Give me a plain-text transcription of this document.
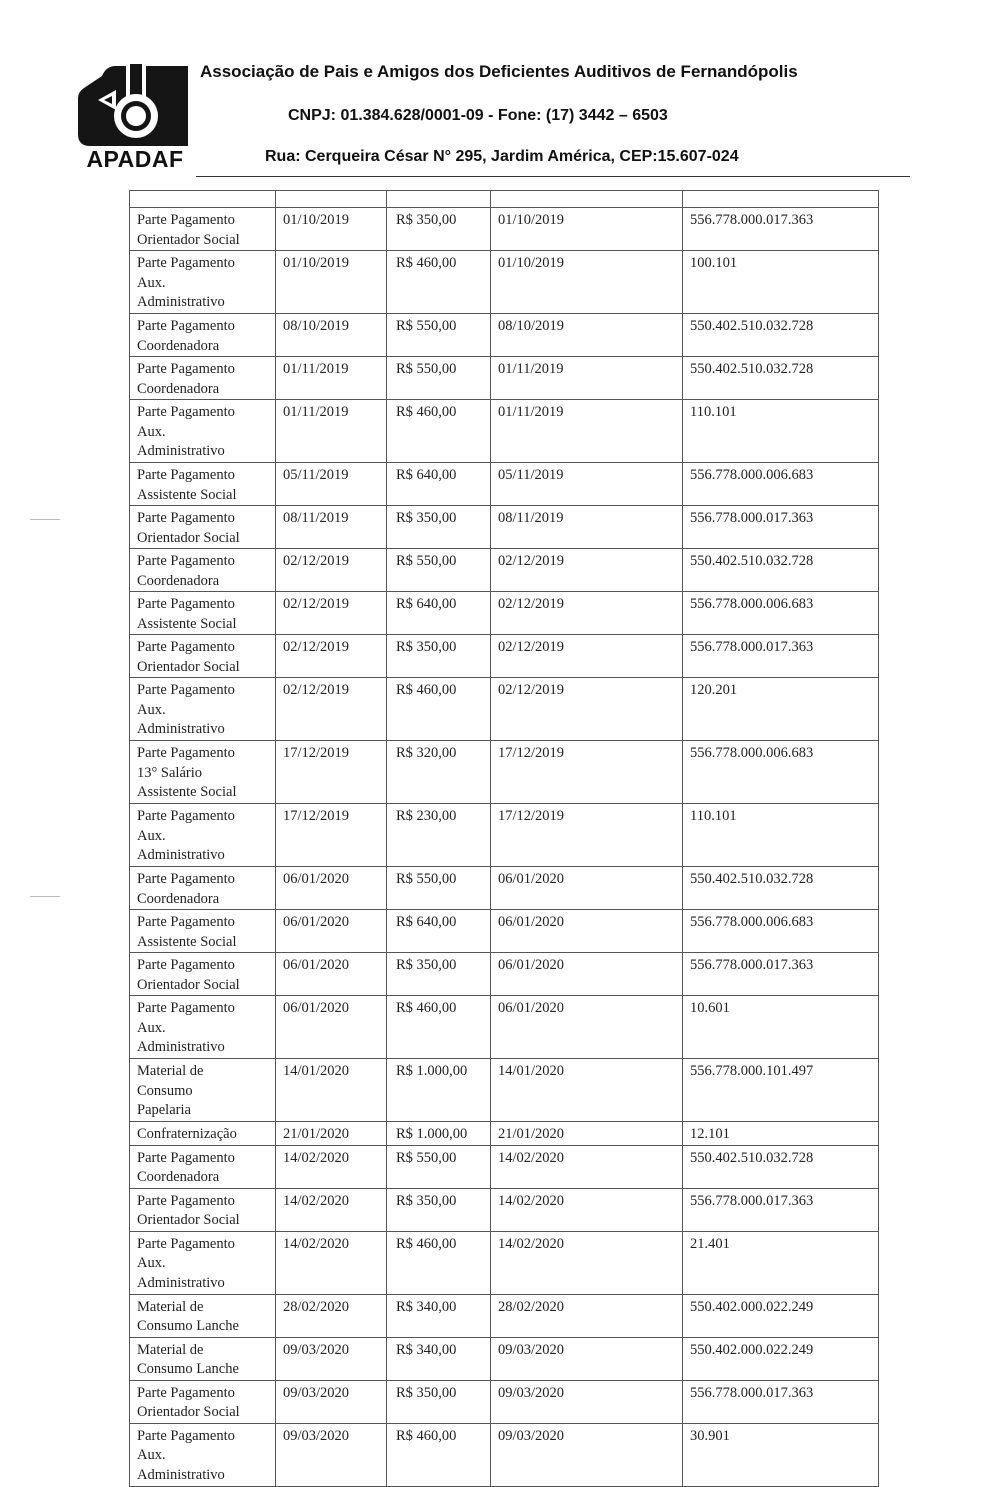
APADAF
Associação de Pais e Amigos dos Deficientes Auditivos de Fernandópolis
CNPJ: 01.384.628/0001-09 - Fone: (17) 3442 – 6503
Rua: Cerqueira César N° 295, Jardim América, CEP:15.607-024

Parte Pagamento
Orientador Social	01/10/2019	R$ 350,00	01/10/2019	556.778.000.017.363
Parte Pagamento
Aux.
Administrativo	01/10/2019	R$ 460,00	01/10/2019	100.101
Parte Pagamento
Coordenadora	08/10/2019	R$ 550,00	08/10/2019	550.402.510.032.728
Parte Pagamento
Coordenadora	01/11/2019	R$ 550,00	01/11/2019	550.402.510.032.728
Parte Pagamento
Aux.
Administrativo	01/11/2019	R$ 460,00	01/11/2019	110.101
Parte Pagamento
Assistente Social	05/11/2019	R$ 640,00	05/11/2019	556.778.000.006.683
Parte Pagamento
Orientador Social	08/11/2019	R$ 350,00	08/11/2019	556.778.000.017.363
Parte Pagamento
Coordenadora	02/12/2019	R$ 550,00	02/12/2019	550.402.510.032.728
Parte Pagamento
Assistente Social	02/12/2019	R$ 640,00	02/12/2019	556.778.000.006.683
Parte Pagamento
Orientador Social	02/12/2019	R$ 350,00	02/12/2019	556.778.000.017.363
Parte Pagamento
Aux.
Administrativo	02/12/2019	R$ 460,00	02/12/2019	120.201
Parte Pagamento
13° Salário
Assistente Social	17/12/2019	R$ 320,00	17/12/2019	556.778.000.006.683
Parte Pagamento
Aux.
Administrativo	17/12/2019	R$ 230,00	17/12/2019	110.101
Parte Pagamento
Coordenadora	06/01/2020	R$ 550,00	06/01/2020	550.402.510.032.728
Parte Pagamento
Assistente Social	06/01/2020	R$ 640,00	06/01/2020	556.778.000.006.683
Parte Pagamento
Orientador Social	06/01/2020	R$ 350,00	06/01/2020	556.778.000.017.363
Parte Pagamento
Aux.
Administrativo	06/01/2020	R$ 460,00	06/01/2020	10.601
Material de
Consumo
Papelaria	14/01/2020	R$ 1.000,00	14/01/2020	556.778.000.101.497
Confraternização	21/01/2020	R$ 1.000,00	21/01/2020	12.101
Parte Pagamento
Coordenadora	14/02/2020	R$ 550,00	14/02/2020	550.402.510.032.728
Parte Pagamento
Orientador Social	14/02/2020	R$ 350,00	14/02/2020	556.778.000.017.363
Parte Pagamento
Aux.
Administrativo	14/02/2020	R$ 460,00	14/02/2020	21.401
Material de
Consumo Lanche	28/02/2020	R$ 340,00	28/02/2020	550.402.000.022.249
Material de
Consumo Lanche	09/03/2020	R$ 340,00	09/03/2020	550.402.000.022.249
Parte Pagamento
Orientador Social	09/03/2020	R$ 350,00	09/03/2020	556.778.000.017.363
Parte Pagamento
Aux.
Administrativo	09/03/2020	R$ 460,00	09/03/2020	30.901
